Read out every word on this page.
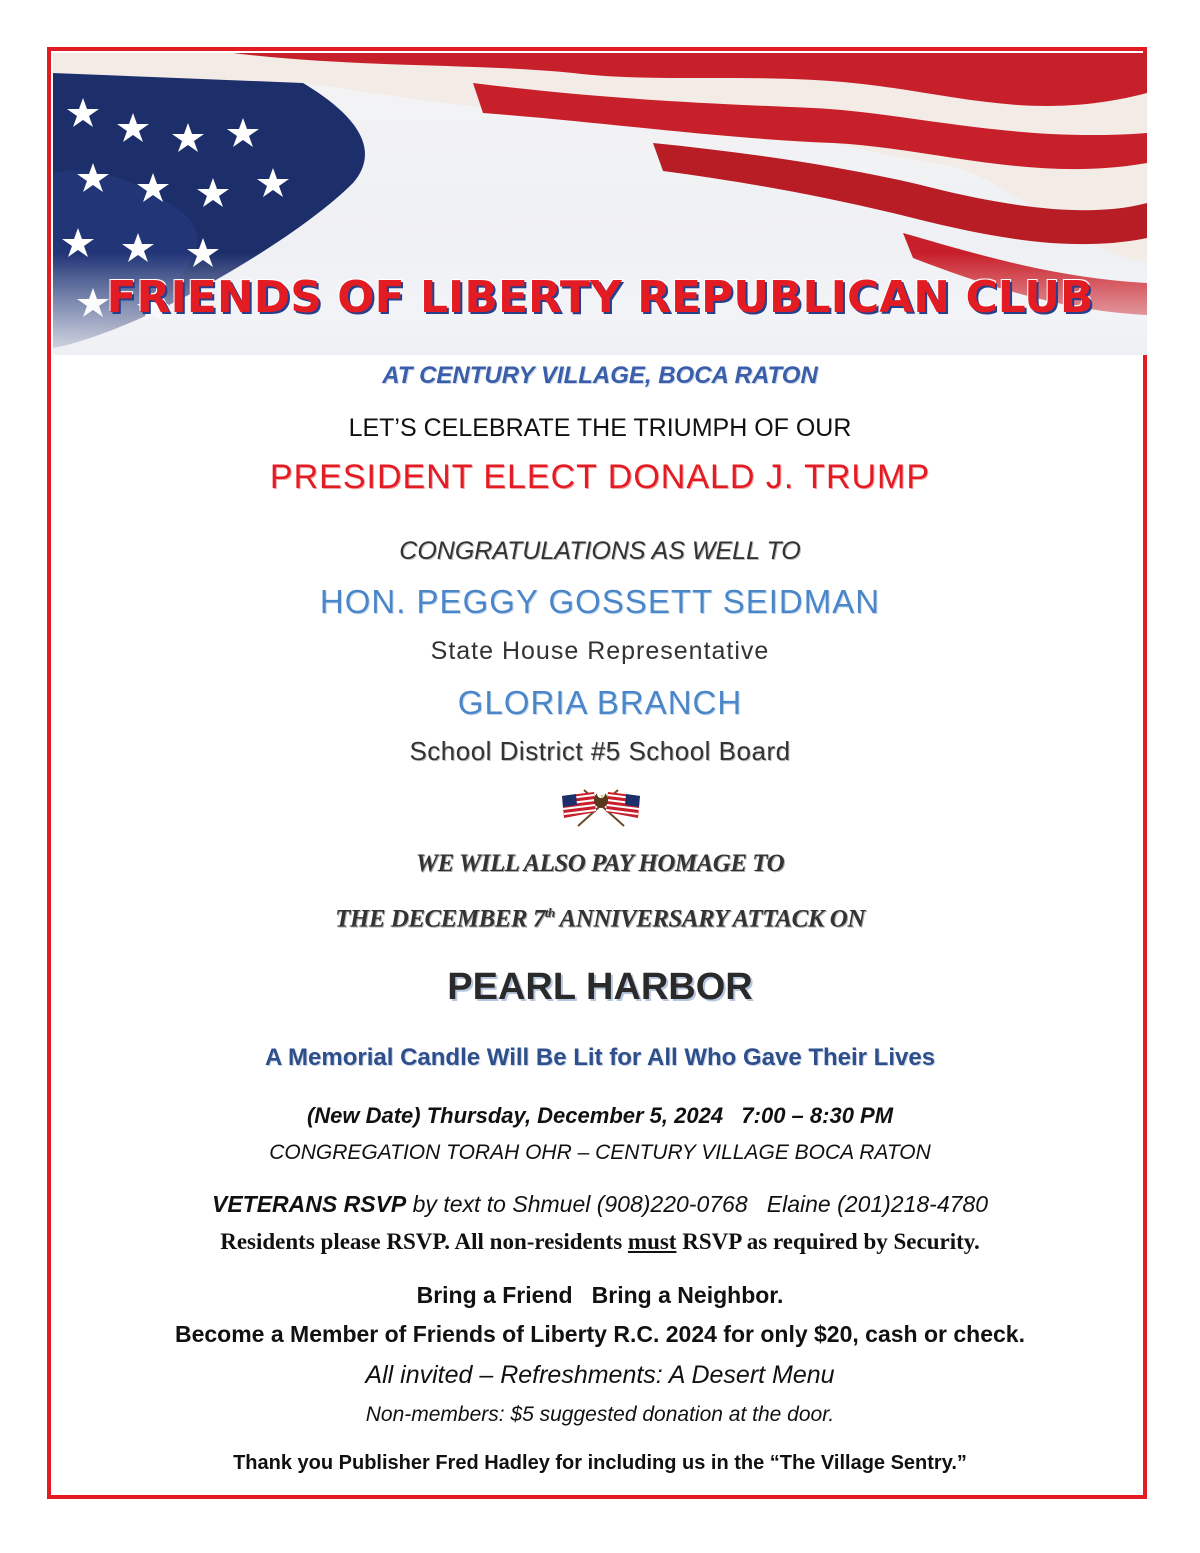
FRIENDS OF LIBERTY REPUBLICAN CLUB
AT CENTURY VILLAGE, BOCA RATON
LET’S CELEBRATE THE TRIUMPH OF OUR
PRESIDENT ELECT DONALD J. TRUMP
CONGRATULATIONS AS WELL TO
HON. PEGGY GOSSETT SEIDMAN
State House Representative
GLORIA BRANCH
School District #5 School Board
WE WILL ALSO PAY HOMAGE TO
THE DECEMBER 7th ANNIVERSARY ATTACK ON
PEARL HARBOR
A Memorial Candle Will Be Lit for All Who Gave Their Lives
(New Date) Thursday, December 5, 2024   7:00 – 8:30 PM
CONGREGATION TORAH OHR – CENTURY VILLAGE BOCA RATON
VETERANS RSVP by text to Shmuel (908)220-0768   Elaine (201)218-4780
Residents please RSVP. All non-residents must RSVP as required by Security.
Bring a Friend   Bring a Neighbor.
Become a Member of Friends of Liberty R.C. 2024 for only $20, cash or check.
All invited – Refreshments: A Desert Menu
Non-members: $5 suggested donation at the door.
Thank you Publisher Fred Hadley for including us in the “The Village Sentry.”
